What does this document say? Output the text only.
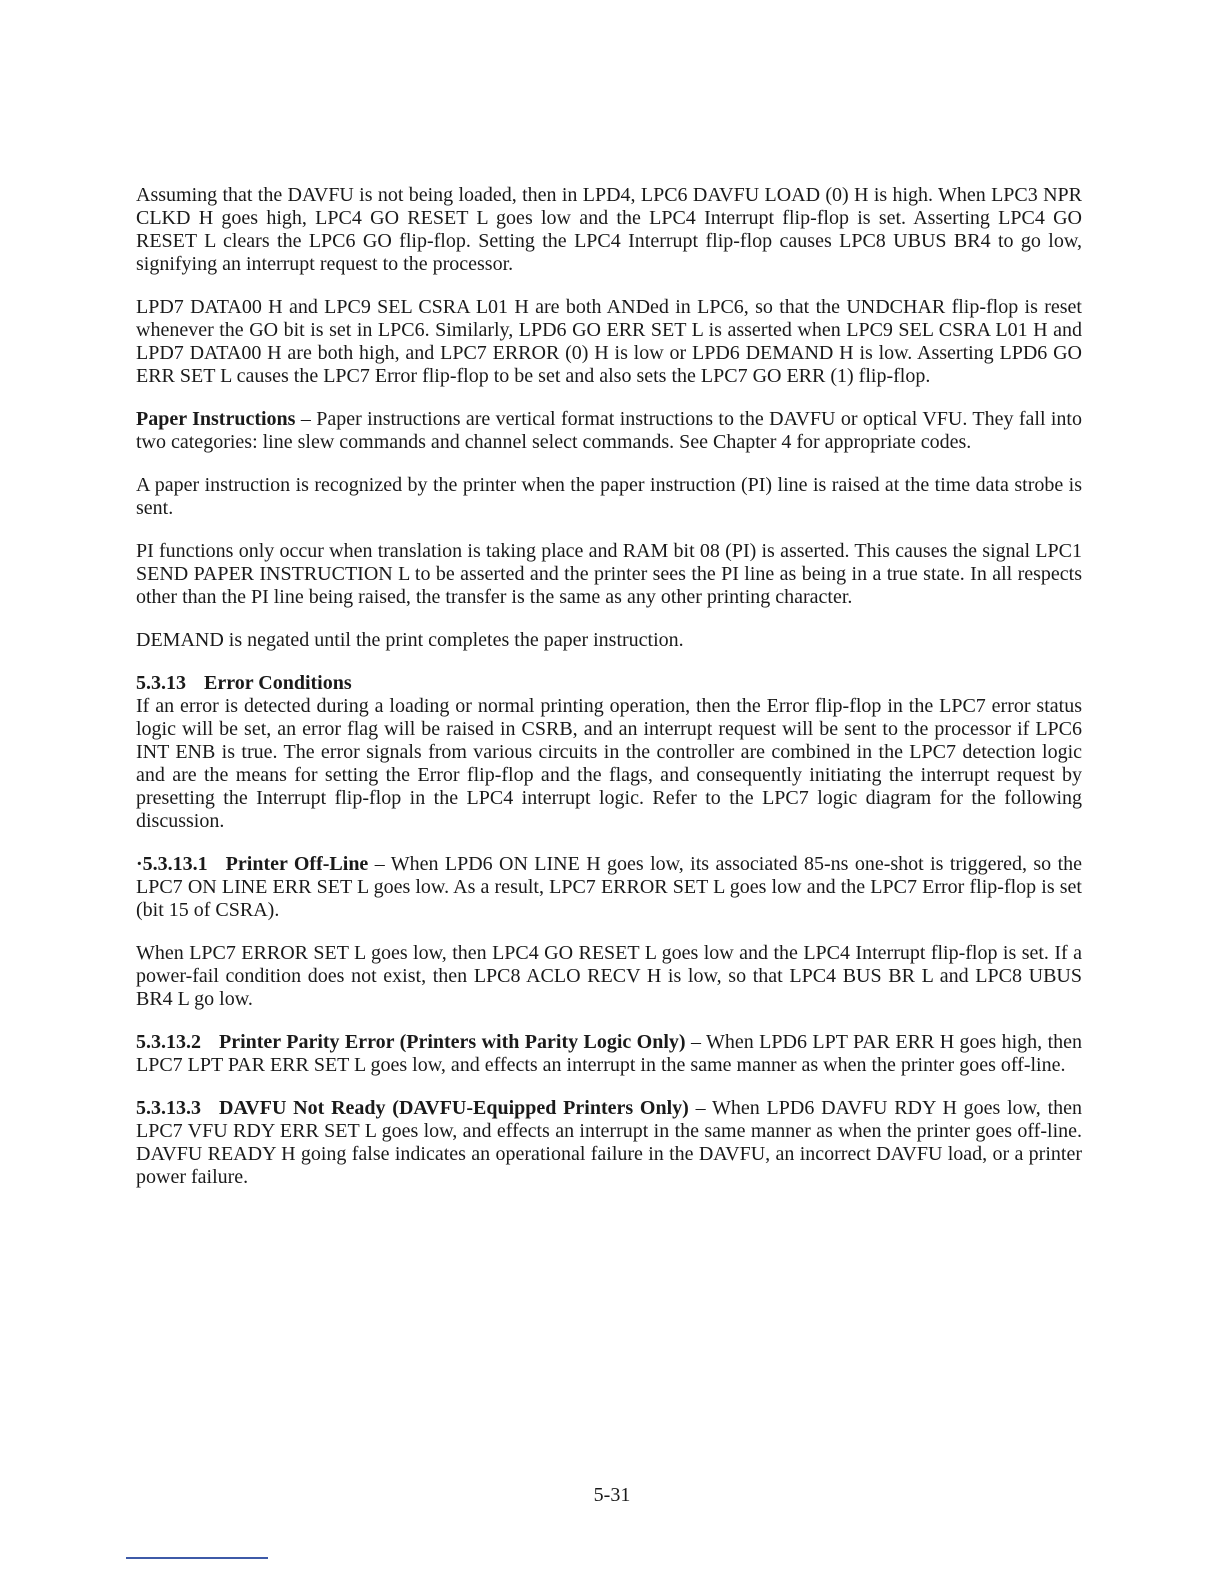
Assuming that the DAVFU is not being loaded, then in LPD4, LPC6 DAVFU LOAD (0) H is high. When LPC3 NPR CLKD H goes high, LPC4 GO RESET L goes low and the LPC4 Interrupt flip-flop is set. Asserting LPC4 GO RESET L clears the LPC6 GO flip-flop. Setting the LPC4 Interrupt flip-flop causes LPC8 UBUS BR4 to go low, signifying an interrupt request to the processor.

LPD7 DATA00 H and LPC9 SEL CSRA L01 H are both ANDed in LPC6, so that the UNDCHAR flip-flop is reset whenever the GO bit is set in LPC6. Similarly, LPD6 GO ERR SET L is asserted when LPC9 SEL CSRA L01 H and LPD7 DATA00 H are both high, and LPC7 ERROR (0) H is low or LPD6 DEMAND H is low. Asserting LPD6 GO ERR SET L causes the LPC7 Error flip-flop to be set and also sets the LPC7 GO ERR (1) flip-flop.

Paper Instructions – Paper instructions are vertical format instructions to the DAVFU or optical VFU. They fall into two categories: line slew commands and channel select commands. See Chapter 4 for appropriate codes.

A paper instruction is recognized by the printer when the paper instruction (PI) line is raised at the time data strobe is sent.

PI functions only occur when translation is taking place and RAM bit 08 (PI) is asserted. This causes the signal LPC1 SEND PAPER INSTRUCTION L to be asserted and the printer sees the PI line as being in a true state. In all respects other than the PI line being raised, the transfer is the same as any other printing character.

DEMAND is negated until the print completes the paper instruction.

5.3.13 Error Conditions

If an error is detected during a loading or normal printing operation, then the Error flip-flop in the LPC7 error status logic will be set, an error flag will be raised in CSRB, and an interrupt request will be sent to the processor if LPC6 INT ENB is true. The error signals from various circuits in the controller are combined in the LPC7 detection logic and are the means for setting the Error flip-flop and the flags, and consequently initiating the interrupt request by presetting the Interrupt flip-flop in the LPC4 interrupt logic. Refer to the LPC7 logic diagram for the following discussion.

·5.3.13.1 Printer Off-Line – When LPD6 ON LINE H goes low, its associated 85-ns one-shot is triggered, so the LPC7 ON LINE ERR SET L goes low. As a result, LPC7 ERROR SET L goes low and the LPC7 Error flip-flop is set (bit 15 of CSRA).

When LPC7 ERROR SET L goes low, then LPC4 GO RESET L goes low and the LPC4 Interrupt flip-flop is set. If a power-fail condition does not exist, then LPC8 ACLO RECV H is low, so that LPC4 BUS BR L and LPC8 UBUS BR4 L go low.

5.3.13.2 Printer Parity Error (Printers with Parity Logic Only) – When LPD6 LPT PAR ERR H goes high, then LPC7 LPT PAR ERR SET L goes low, and effects an interrupt in the same manner as when the printer goes off-line.

5.3.13.3 DAVFU Not Ready (DAVFU-Equipped Printers Only) – When LPD6 DAVFU RDY H goes low, then LPC7 VFU RDY ERR SET L goes low, and effects an interrupt in the same manner as when the printer goes off-line. DAVFU READY H going false indicates an operational failure in the DAVFU, an incorrect DAVFU load, or a printer power failure.

5-31
